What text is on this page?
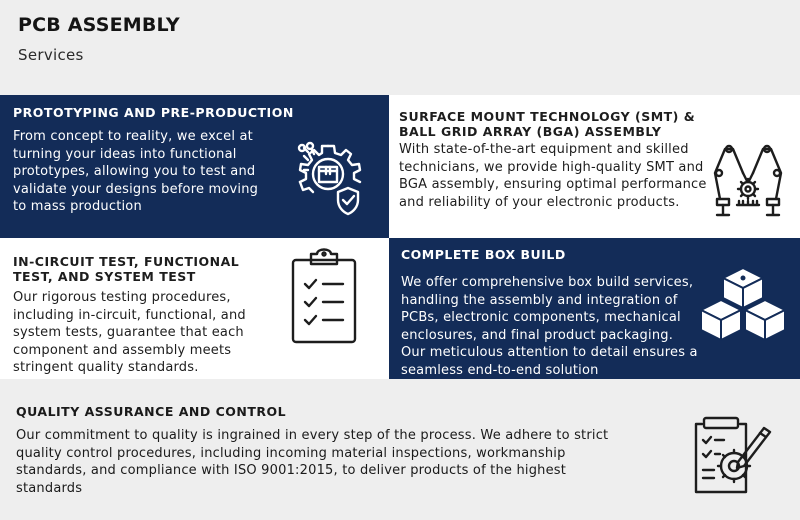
PCB ASSEMBLY
Services
PROTOTYPING AND PRE-PRODUCTION

From concept to reality, we excel at turning your ideas into functional prototypes, allowing you to test and validate your designs before moving to mass production

SURFACE MOUNT TECHNOLOGY (SMT) & BALL GRID ARRAY (BGA) ASSEMBLY

With state-of-the-art equipment and skilled technicians, we provide high-quality SMT and BGA assembly, ensuring optimal performance and reliability of your electronic products.

IN-CIRCUIT TEST, FUNCTIONAL TEST, AND SYSTEM TEST

Our rigorous testing procedures, including in-circuit, functional, and system tests, guarantee that each component and assembly meets stringent quality standards.

COMPLETE BOX BUILD

We offer comprehensive box build services, handling the assembly and integration of PCBs, electronic components, mechanical enclosures, and final product packaging. Our meticulous attention to detail ensures a seamless end-to-end solution

QUALITY ASSURANCE AND CONTROL

Our commitment to quality is ingrained in every step of the process. We adhere to strict quality control procedures, including incoming material inspections, workmanship standards, and compliance with ISO 9001:2015, to deliver products of the highest standards
